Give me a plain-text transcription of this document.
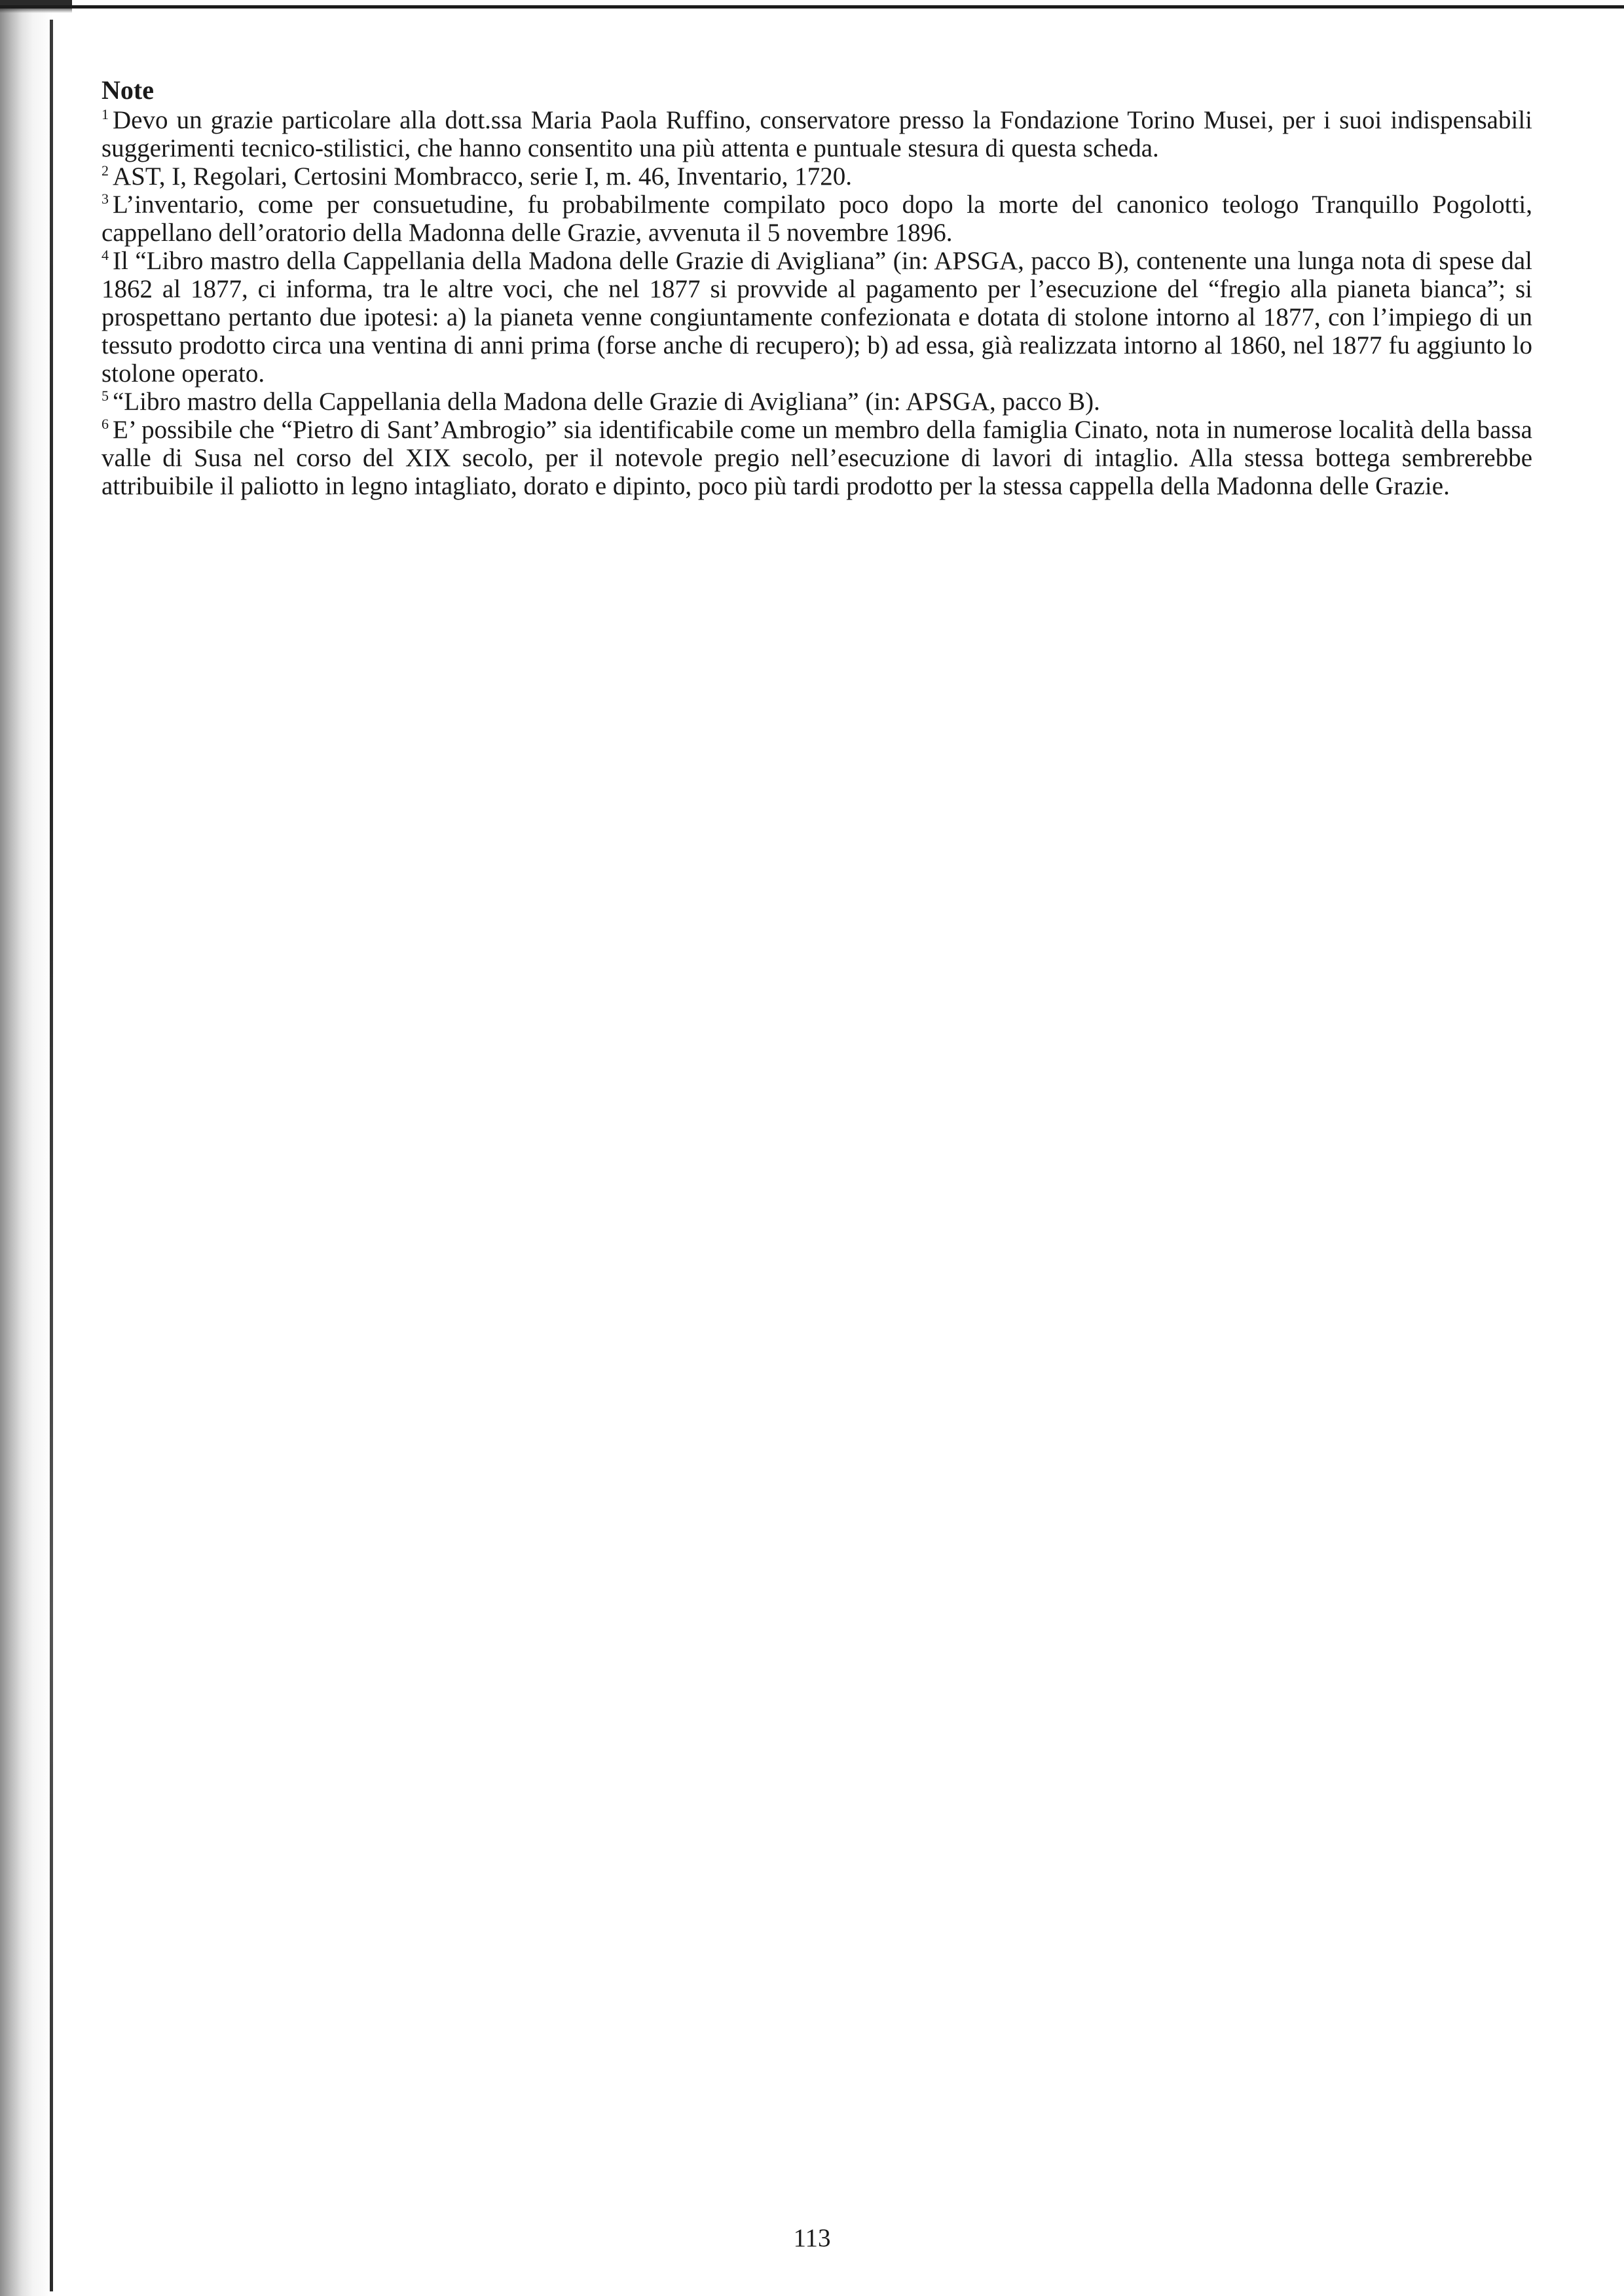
Note

$^1$ Devo un grazie particolare alla dott.ssa Maria Paola Ruffino, conservatore presso la Fondazione Torino Musei, per i suoi indispensabili suggerimenti tecnico-stilistici, che hanno consentito una più attenta e puntuale stesura di questa scheda.

$^2$ AST, I, Regolari, Certosini Mombracco, serie I, m. 46, Inventario, 1720.

$^3$ L’inventario, come per consuetudine, fu probabilmente compilato poco dopo la morte del canonico teologo Tranquillo Pogolotti, cappellano dell’oratorio della Madonna delle Grazie, avvenuta il 5 novembre 1896.

$^4$ Il “Libro mastro della Cappellania della Madona delle Grazie di Avigliana” (in: APSGA, pacco B), contenente una lunga nota di spese dal 1862 al 1877, ci informa, tra le altre voci, che nel 1877 si provvide al pagamento per l’esecuzione del “fregio alla pianeta bianca”; si prospettano pertanto due ipotesi: a) la pianeta venne congiuntamente confezionata e dotata di stolone intorno al 1877, con l’impiego di un tessuto prodotto circa una ventina di anni prima (forse anche di recupero); b) ad essa, già realizzata intorno al 1860, nel 1877 fu aggiunto lo stolone operato.

$^5$ “Libro mastro della Cappellania della Madona delle Grazie di Avigliana” (in: APSGA, pacco B).

$^6$ E’ possibile che “Pietro di Sant’Ambrogio” sia identificabile come un membro della famiglia Cinato, nota in numerose località della bassa valle di Susa nel corso del XIX secolo, per il notevole pregio nell’esecuzione di lavori di intaglio. Alla stessa bottega sembrerebbe attribuibile il paliotto in legno intagliato, dorato e dipinto, poco più tardi prodotto per la stessa cappella della Madonna delle Grazie.

113
